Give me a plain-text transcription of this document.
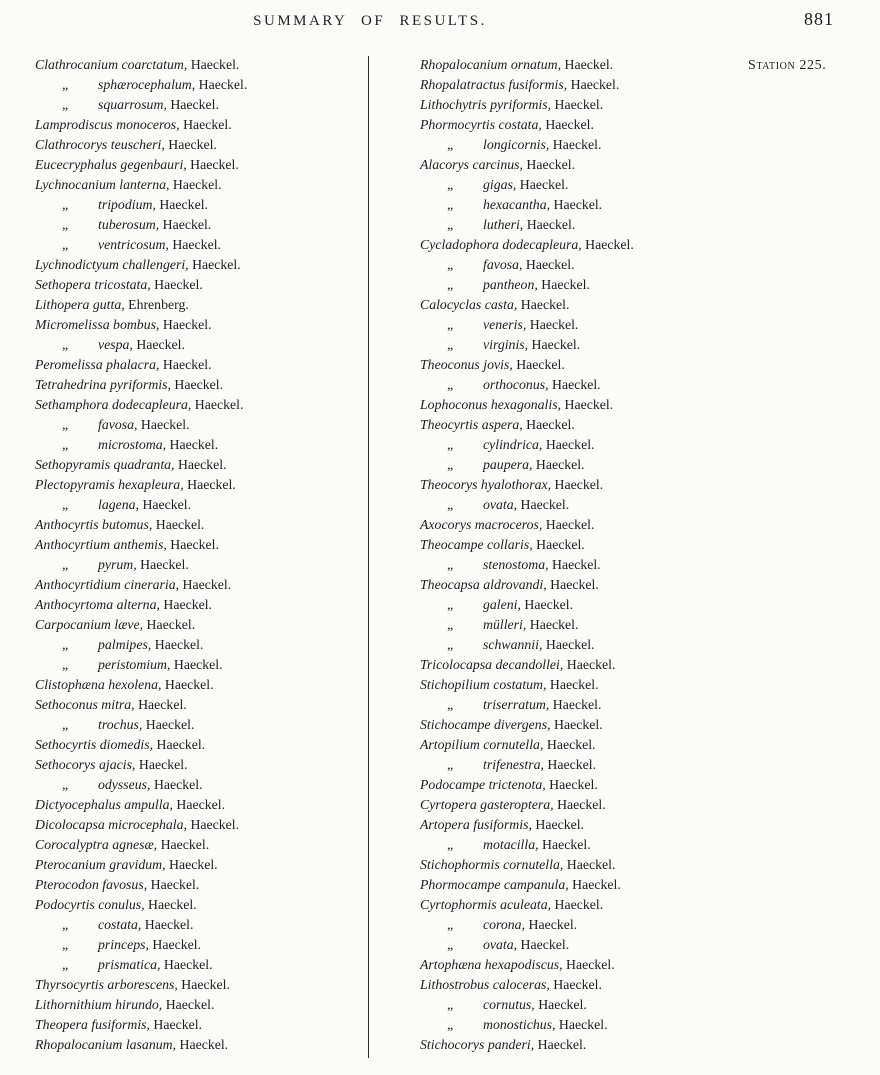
SUMMARY OF RESULTS.	881
Clathrocanium coarctatum, Haeckel.
„ sphærocephalum, Haeckel.
„ squarrosum, Haeckel.
Lamprodiscus monoceros, Haeckel.
Clathrocorys teuscheri, Haeckel.
Eucecryphalus gegenbauri, Haeckel.
Lychnocanium lanterna, Haeckel.
„ tripodium, Haeckel.
„ tuberosum, Haeckel.
„ ventricosum, Haeckel.
Lychnodictyum challengeri, Haeckel.
Sethopera tricostata, Haeckel.
Lithopera gutta, Ehrenberg.
Micromelissa bombus, Haeckel.
„ vespa, Haeckel.
Peromelissa phalacra, Haeckel.
Tetrahedrina pyriformis, Haeckel.
Sethamphora dodecapleura, Haeckel.
„ favosa, Haeckel.
„ microstoma, Haeckel.
Sethopyramis quadranta, Haeckel.
Plectopyramis hexapleura, Haeckel.
„ lagena, Haeckel.
Anthocyrtis butomus, Haeckel.
Anthocyrtium anthemis, Haeckel.
„ pyrum, Haeckel.
Anthocyrtidium cineraria, Haeckel.
Anthocyrtoma alterna, Haeckel.
Carpocanium læve, Haeckel.
„ palmipes, Haeckel.
„ peristomium, Haeckel.
Clistophæna hexolena, Haeckel.
Sethoconus mitra, Haeckel.
„ trochus, Haeckel.
Sethocyrtis diomedis, Haeckel.
Sethocorys ajacis, Haeckel.
„ odysseus, Haeckel.
Dictyocephalus ampulla, Haeckel.
Dicolocapsa microcephala, Haeckel.
Corocalyptra agnesæ, Haeckel.
Pterocanium gravidum, Haeckel.
Pterocodon favosus, Haeckel.
Podocyrtis conulus, Haeckel.
„ costata, Haeckel.
„ princeps, Haeckel.
„ prismatica, Haeckel.
Thyrsocyrtis arborescens, Haeckel.
Lithornithium hirundo, Haeckel.
Theopera fusiformis, Haeckel.
Rhopalocanium lasanum, Haeckel.
Rhopalocanium ornatum, Haeckel.
Rhopalatractus fusiformis, Haeckel.
Lithochytris pyriformis, Haeckel.
Phormocyrtis costata, Haeckel.
„ longicornis, Haeckel.
Alacorys carcinus, Haeckel.
„ gigas, Haeckel.
„ hexacantha, Haeckel.
„ lutheri, Haeckel.
Cycladophora dodecapleura, Haeckel.
„ favosa, Haeckel.
„ pantheon, Haeckel.
Calocyclas casta, Haeckel.
„ veneris, Haeckel.
„ virginis, Haeckel.
Theoconus jovis, Haeckel.
„ orthoconus, Haeckel.
Lophoconus hexagonalis, Haeckel.
Theocyrtis aspera, Haeckel.
„ cylindrica, Haeckel.
„ paupera, Haeckel.
Theocorys hyalothorax, Haeckel.
„ ovata, Haeckel.
Axocorys macroceros, Haeckel.
Theocampe collaris, Haeckel.
„ stenostoma, Haeckel.
Theocapsa aldrovandi, Haeckel.
„ galeni, Haeckel.
„ mülleri, Haeckel.
„ schwannii, Haeckel.
Tricolocapsa decandollei, Haeckel.
Stichopilium costatum, Haeckel.
„ triserratum, Haeckel.
Stichocampe divergens, Haeckel.
Artopilium cornutella, Haeckel.
„ trifenestra, Haeckel.
Podocampe trictenota, Haeckel.
Cyrtopera gasteroptera, Haeckel.
Artopera fusiformis, Haeckel.
„ motacilla, Haeckel.
Stichophormis cornutella, Haeckel.
Phormocampe campanula, Haeckel.
Cyrtophormis aculeata, Haeckel.
„ corona, Haeckel.
„ ovata, Haeckel.
Artophæna hexapodiscus, Haeckel.
Lithostrobus caloceras, Haeckel.
„ cornutus, Haeckel.
„ monostichus, Haeckel.
Stichocorys panderi, Haeckel.
Station 225.
